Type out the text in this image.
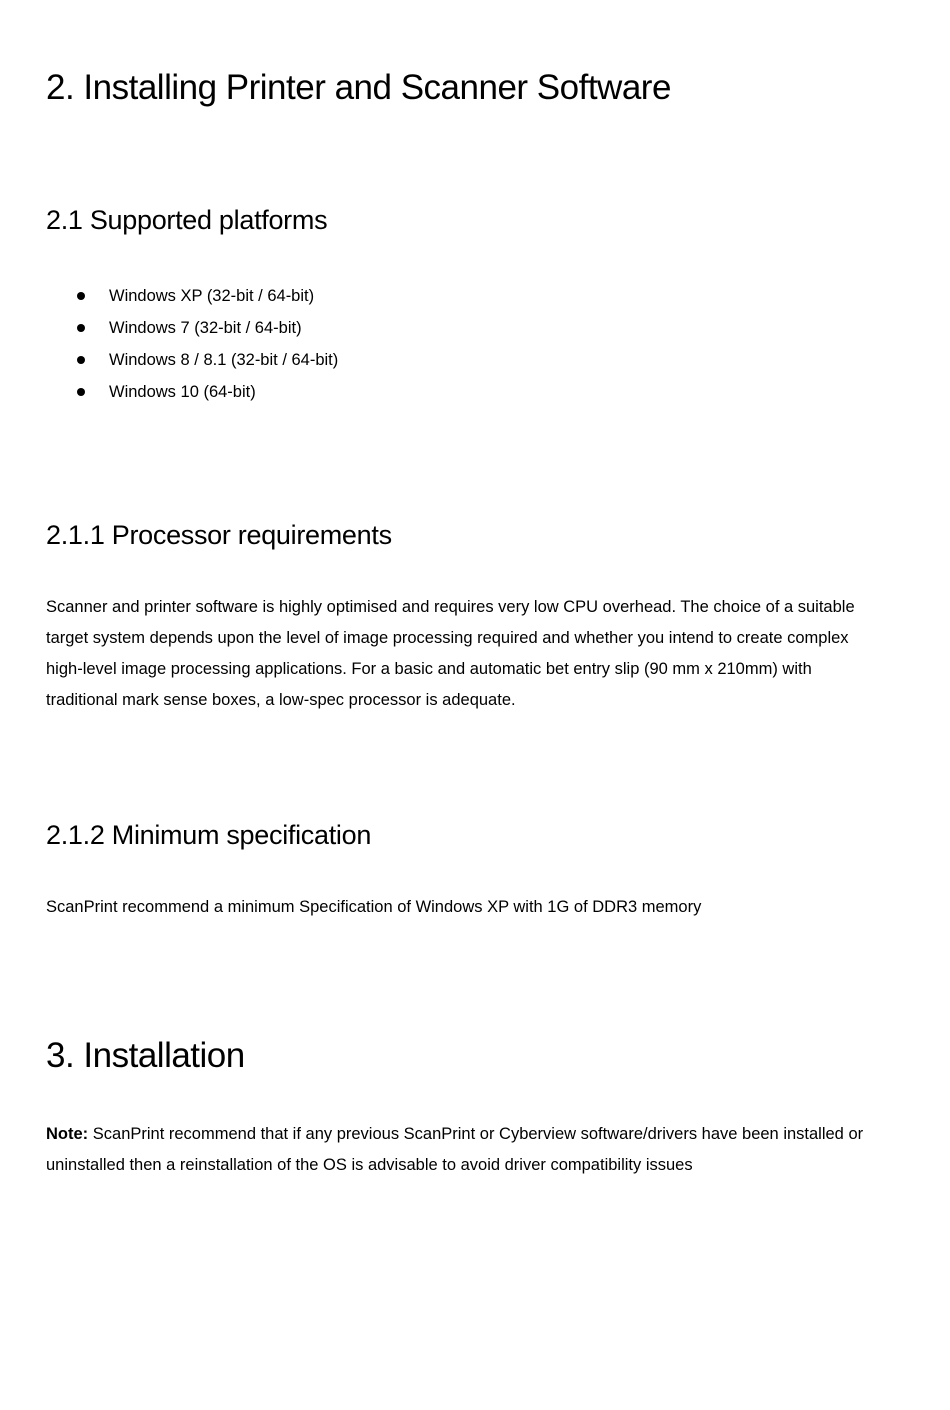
2. Installing Printer and Scanner Software
2.1 Supported platforms
Windows XP (32-bit / 64-bit)
Windows 7 (32-bit / 64-bit)
Windows 8 / 8.1 (32-bit / 64-bit)
Windows 10 (64-bit)
2.1.1 Processor requirements

Scanner and printer software is highly optimised and requires very low CPU overhead. The choice of a suitable target system depends upon the level of image processing required and whether you intend to create complex high-level image processing applications. For a basic and automatic bet entry slip (90 mm x 210mm) with traditional mark sense boxes, a low-spec processor is adequate.

2.1.2 Minimum specification

ScanPrint recommend a minimum Specification of Windows XP with 1G of DDR3 memory

3. Installation

Note: ScanPrint recommend that if any previous ScanPrint or Cyberview software/drivers have been installed or uninstalled then a reinstallation of the OS is advisable to avoid driver compatibility issues
